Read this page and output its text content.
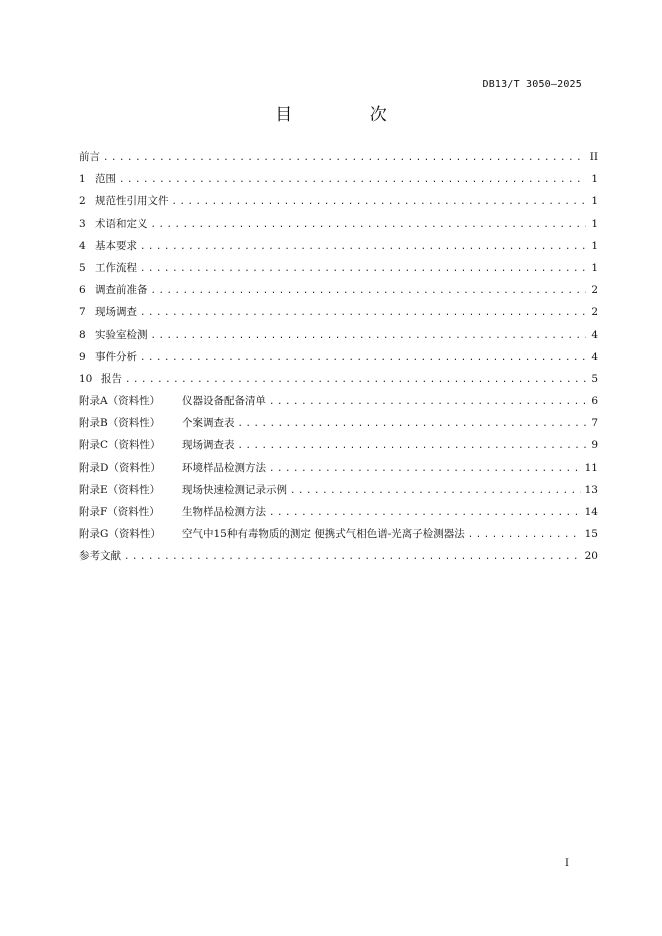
DB13/T 3050—2025
目 次
前言 .....	II
1 范围 .....	1
2 规范性引用文件 .....	1
3 术语和定义 .....	1
4 基本要求 .....	1
5 工作流程 .....	1
6 调查前准备 .....	2
7 现场调查 .....	2
8 实验室检测 .....	4
9 事件分析 .....	4
10 报告 .....	5
附录A（资料性） 仪器设备配备清单 .....	6
附录B（资料性） 个案调查表 .....	7
附录C（资料性） 现场调查表 .....	9
附录D（资料性） 环境样品检测方法 .....	11
附录E（资料性） 现场快速检测记录示例 .....	13
附录F（资料性） 生物样品检测方法 .....	14
附录G（资料性） 空气中15种有毒物质的测定 便携式气相色谱-光离子检测器法 .....	15
参考文献 .....	20
I
